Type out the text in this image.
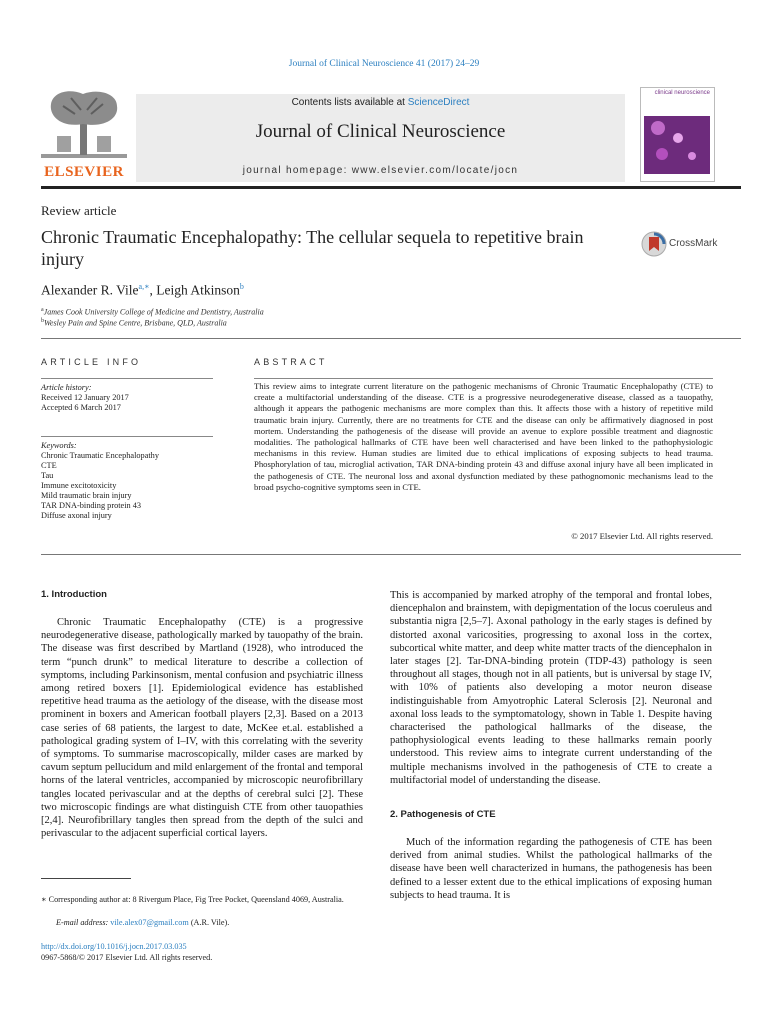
Journal of Clinical Neuroscience 41 (2017) 24–29
ELSEVIER
Contents lists available at ScienceDirect
Journal of Clinical Neuroscience
journal homepage: www.elsevier.com/locate/jocn
clinical neuroscience
Review article
Chronic Traumatic Encephalopathy: The cellular sequela to repetitive brain injury
CrossMark
Alexander R. Vile$^{a,∗}$, Leigh Atkinson$^b$
$^a$James Cook University College of Medicine and Dentistry, Australia
$^b$Wesley Pain and Spine Centre, Brisbane, QLD, Australia
ARTICLE INFO
Article history:
Received 12 January 2017
Accepted 6 March 2017
Keywords:
Chronic Traumatic Encephalopathy
CTE
Tau
Immune excitotoxicity
Mild traumatic brain injury
TAR DNA-binding protein 43
Diffuse axonal injury
ABSTRACT
This review aims to integrate current literature on the pathogenic mechanisms of Chronic Traumatic Encephalopathy (CTE) to create a multifactorial understanding of the disease. CTE is a progressive neurodegenerative disease, classed as a tauopathy, although it appears the pathogenic mechanisms are more complex than this. It affects those with a history of repetitive mild traumatic brain injury. Currently, there are no treatments for CTE and the disease can only be affirmatively diagnosed in post mortem. Understanding the pathogenesis of the disease will provide an avenue to explore possible treatment and diagnostic modalities. The pathological hallmarks of CTE have been well characterised and have been linked to the pathophysiologic mechanisms in this review. Human studies are limited due to ethical implications of exposing subjects to head trauma. Phosphorylation of tau, microglial activation, TAR DNA-binding protein 43 and diffuse axonal injury have all been implicated in the pathogenesis of CTE. The neuronal loss and axonal dysfunction mediated by these pathognomonic mechanisms lead to the broad psycho-cognitive symptoms seen in CTE.
© 2017 Elsevier Ltd. All rights reserved.
1. Introduction

Chronic Traumatic Encephalopathy (CTE) is a progressive neurodegenerative disease, pathologically marked by tauopathy of the brain. The disease was first described by Martland (1928), who introduced the term “punch drunk” to medical literature to describe a collection of symptoms, including Parkinsonism, mental confusion and psychiatric illness among retired boxers [1]. Epidemiological evidence has established repetitive head trauma as the aetiology of the disease, with the disease most prominent in boxers and American football players [2,3]. Based on a 2013 case series of 68 patients, the largest to date, McKee et.al. established a pathological grading system of I–IV, with this correlating with the severity of symptoms. To summarise macroscopically, milder cases are marked by cavum septum pellucidum and mild enlargement of the frontal and temporal horns of the lateral ventricles, accompanied by microscopic neurofibrillary tangles located perivascular and at the depths of cerebral sulci [2]. These two microscopic findings are what distinguish CTE from other tauopathies [2,4]. Neurofibrillary tangles then spread from the depth of the sulci and perivascular to the adjacent superficial cortical layers.

∗ Corresponding author at: 8 Rivergum Place, Fig Tree Pocket, Queensland 4069, Australia.
E-mail address: vile.alex07@gmail.com (A.R. Vile).
http://dx.doi.org/10.1016/j.jocn.2017.03.035
0967-5868/© 2017 Elsevier Ltd. All rights reserved.

This is accompanied by marked atrophy of the temporal and frontal lobes, diencephalon and brainstem, with depigmentation of the locus coeruleus and substantia nigra [2,5–7]. Axonal pathology in the early stages is defined by distorted axonal varicosities, progressing to axonal loss in the cortex, subcortical white matter, and deep white matter tracts of the diencephalon in later stages [2]. Tar-DNA-binding protein (TDP-43) pathology is seen throughout all stages, though not in all patients, but is universal by stage IV, with 10% of patients also developing a motor neuron disease indistinguishable from Amyotrophic Lateral Sclerosis [2]. Neuronal and axonal loss leads to the symptomatology, shown in Table 1. Despite having characterised the pathological hallmarks of the disease, the pathophysiological events leading to these hallmarks remain poorly understood. This review aims to integrate current understanding of the multiple mechanisms involved in the pathogenesis of CTE to create a multifactorial model of understanding the disease.

2. Pathogenesis of CTE

Much of the information regarding the pathogenesis of CTE has been derived from animal studies. Whilst the pathological hallmarks of the disease have been well characterized in humans, the pathogenesis has been defined to a lesser extent due to the ethical implications of exposing human subjects to head trauma. It is
